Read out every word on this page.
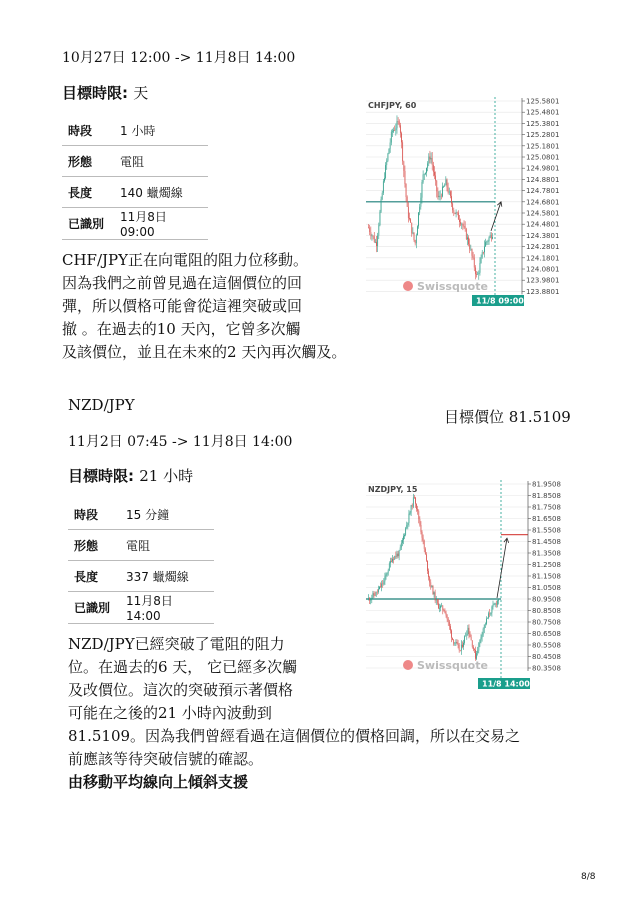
10月27日 12:00 -> 11月8日 14:00
目標時限: 天
時段	1 小時
形態	電阻
長度	140 蠟燭線
已識別	11月8日 09:00
CHF/JPY正在向電阻的阻力位移動。
因為我們之前曾見過在這個價位的回
彈，所以價格可能會從這裡突破或回
撤 。在過去的10 天內，它曾多次觸
及該價位，並且在未來的2 天內再次觸及。
CHFJPY, 60	125.5801
125.4801
125.3801
125.2801
125.1801
125.0801
124.9801
124.8801
124.7801
124.6801
124.5801
124.4801
124.3801
124.2801
124.1801
124.0801
123.9801
123.8801
Swissquote
11/8 09:00
NZD/JPY
目標價位 81.5109
11月2日 07:45 -> 11月8日 14:00
目標時限: 21 小時
時段	15 分鐘
形態	電阻
長度	337 蠟燭線
已識別	11月8日 14:00
NZD/JPY已經突破了電阻的阻力
位。在過去的6 天， 它已經多次觸
及改價位。這次的突破預示著價格
可能在之後的21 小時內波動到
81.5109。因為我們曾經看過在這個價位的價格回調，所以在交易之
前應該等待突破信號的確認。
由移動平均線向上傾斜支援
NZDJPY, 15
81.9508
81.8508
81.7508
81.6508
81.5508
81.4508
81.3508
81.2508
81.1508
81.0508
80.9508
80.8508
80.7508
80.6508
80.5508
80.4508
80.3508
Swissquote
11/8 14:00
8/8
